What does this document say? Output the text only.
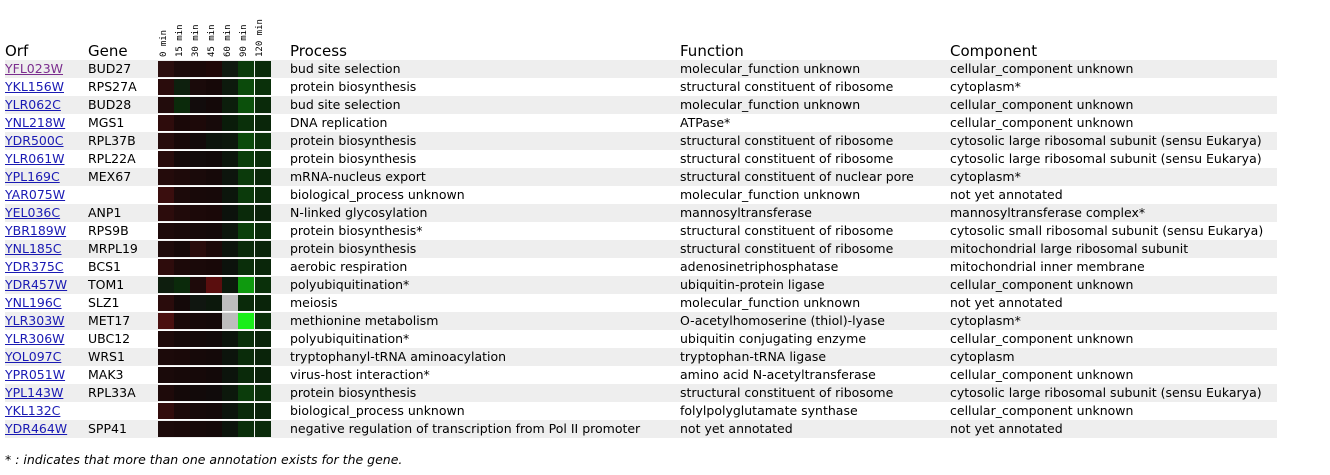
Orf	Gene	0 min 15 min 30 min 45 min 60 min 90 min 120 min Process	Function	Component
YFL023W BUD27	bud site selection	molecular_function unknown	cellular_component unknown
YKL156W RPS27A	protein biosynthesis	structural constituent of ribosome	cytoplasm*
YLR062C BUD28	bud site selection	molecular_function unknown	cellular_component unknown
YNL218W MGS1	DNA replication	ATPase*	cellular_component unknown
YDR500C RPL37B	protein biosynthesis	structural constituent of ribosome	cytosolic large ribosomal subunit (sensu Eukarya)
YLR061W RPL22A	protein biosynthesis	structural constituent of ribosome	cytosolic large ribosomal subunit (sensu Eukarya)
YPL169C MEX67	mRNA-nucleus export	structural constituent of nuclear pore	cytoplasm*
YAR075W	biological_process unknown	molecular_function unknown	not yet annotated
YEL036C ANP1	N-linked glycosylation	mannosyltransferase	mannosyltransferase complex*
YBR189W RPS9B	protein biosynthesis*	structural constituent of ribosome	cytosolic small ribosomal subunit (sensu Eukarya)
YNL185C MRPL19	protein biosynthesis	structural constituent of ribosome	mitochondrial large ribosomal subunit
YDR375C BCS1	aerobic respiration	adenosinetriphosphatase	mitochondrial inner membrane
YDR457W TOM1	polyubiquitination*	ubiquitin-protein ligase	cellular_component unknown
YNL196C SLZ1	meiosis	molecular_function unknown	not yet annotated
YLR303W MET17	methionine metabolism	O-acetylhomoserine (thiol)-lyase	cytoplasm*
YLR306W UBC12	polyubiquitination*	ubiquitin conjugating enzyme	cellular_component unknown
YOL097C WRS1	tryptophanyl-tRNA aminoacylation	tryptophan-tRNA ligase	cytoplasm
YPR051W MAK3	virus-host interaction*	amino acid N-acetyltransferase	cellular_component unknown
YPL143W RPL33A	protein biosynthesis	structural constituent of ribosome	cytosolic large ribosomal subunit (sensu Eukarya)
YKL132C	biological_process unknown	folylpolyglutamate synthase	cellular_component unknown
YDR464W SPP41	negative regulation of transcription from Pol II promoter	not yet annotated	not yet annotated
* : indicates that more than one annotation exists for the gene.
